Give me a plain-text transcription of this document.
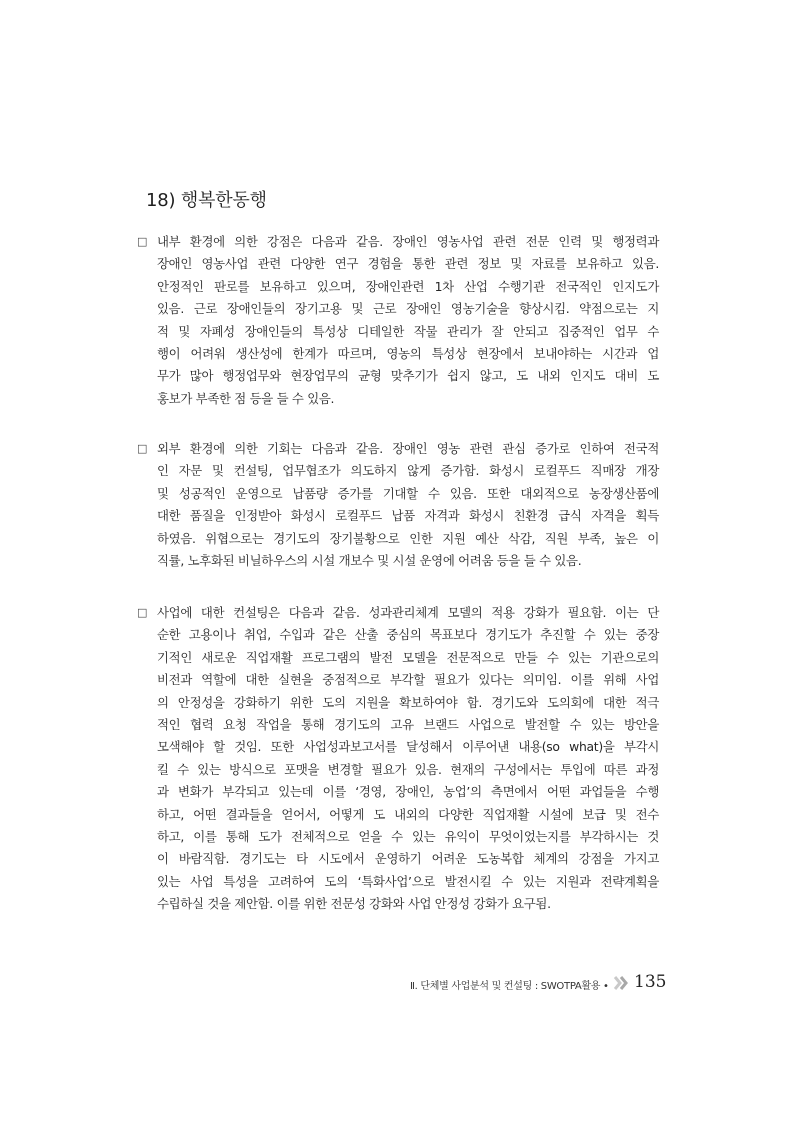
18) 행복한동행
□ 내부 환경에 의한 강점은 다음과 같음. 장애인 영농사업 관련 전문 인력 및 행정력과
장애인 영농사업 관련 다양한 연구 경험을 통한 관련 정보 및 자료를 보유하고 있음.
안정적인 판로를 보유하고 있으며, 장애인관련 1차 산업 수행기관 전국적인 인지도가
있음. 근로 장애인들의 장기고용 및 근로 장애인 영농기술을 향상시킴. 약점으로는 지
적 및 자폐성 장애인들의 특성상 디테일한 작물 관리가 잘 안되고 집중적인 업무 수
행이 어려워 생산성에 한계가 따르며, 영농의 특성상 현장에서 보내야하는 시간과 업
무가 많아 행정업무와 현장업무의 균형 맞추기가 쉽지 않고, 도 내외 인지도 대비 도
홍보가 부족한 점 등을 들 수 있음.
□ 외부 환경에 의한 기회는 다음과 같음. 장애인 영농 관련 관심 증가로 인하여 전국적
인 자문 및 컨설팅, 업무협조가 의도하지 않게 증가함. 화성시 로컬푸드 직매장 개장
및 성공적인 운영으로 납품량 증가를 기대할 수 있음. 또한 대외적으로 농장생산품에
대한 품질을 인정받아 화성시 로컬푸드 납품 자격과 화성시 친환경 급식 자격을 획득
하였음. 위협으로는 경기도의 장기불황으로 인한 지원 예산 삭감, 직원 부족, 높은 이
직률, 노후화된 비닐하우스의 시설 개보수 및 시설 운영에 어려움 등을 들 수 있음.
□ 사업에 대한 컨설팅은 다음과 같음. 성과관리체계 모델의 적용 강화가 필요함. 이는 단
순한 고용이나 취업, 수입과 같은 산출 중심의 목표보다 경기도가 추진할 수 있는 중장
기적인 새로운 직업재활 프로그램의 발전 모델을 전문적으로 만들 수 있는 기관으로의
비전과 역할에 대한 실현을 중점적으로 부각할 필요가 있다는 의미임. 이를 위해 사업
의 안정성을 강화하기 위한 도의 지원을 확보하여야 함. 경기도와 도의회에 대한 적극
적인 협력 요청 작업을 통해 경기도의 고유 브랜드 사업으로 발전할 수 있는 방안을
모색해야 할 것임. 또한 사업성과보고서를 달성해서 이루어낸 내용(so what)을 부각시
킬 수 있는 방식으로 포맷을 변경할 필요가 있음. 현재의 구성에서는 투입에 따른 과정
과 변화가 부각되고 있는데 이를 ‘경영, 장애인, 농업’의 측면에서 어떤 과업들을 수행
하고, 어떤 결과들을 얻어서, 어떻게 도 내외의 다양한 직업재활 시설에 보급 및 전수
하고, 이를 통해 도가 전체적으로 얻을 수 있는 유익이 무엇이었는지를 부각하시는 것
이 바람직함. 경기도는 타 시도에서 운영하기 어려운 도농복합 체계의 강점을 가지고
있는 사업 특성을 고려하여 도의 ‘특화사업’으로 발전시킬 수 있는 지원과 전략계획을
수립하실 것을 제안함. 이를 위한 전문성 강화와 사업 안정성 강화가 요구됨.
Ⅱ. 단체별 사업분석 및 컨설팅 : SWOTPA활용 • 135
